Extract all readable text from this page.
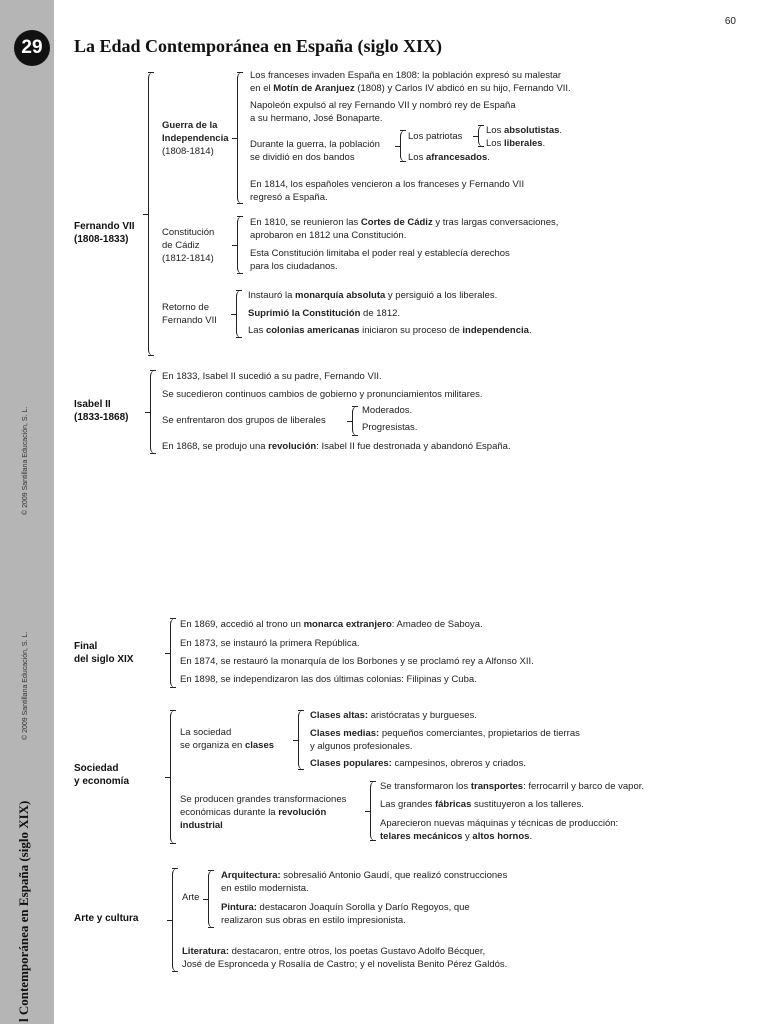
29
© 2009 Santillana Educación, S. L.
© 2009 Santillana Educación, S. L.
l Contemporánea en España (siglo XIX)
60
La Edad Contemporánea en España (siglo XIX)
Fernando VII
(1808-1833)
Guerra de la
Independencia
(1808-1814)
Los franceses invaden España en 1808: la población expresó su malestar
en el Motín de Aranjuez (1808) y Carlos IV abdicó en su hijo, Fernando VII.
Napoleón expulsó al rey Fernando VII y nombró rey de España
a su hermano, José Bonaparte.
Durante la guerra, la población
se dividió en dos bandos
Los patriotas
Los absolutistas.
Los liberales.
Los afrancesados.
En 1814, los españoles vencieron a los franceses y Fernando VII
regresó a España.
Constitución
de Cádiz
(1812-1814)
En 1810, se reunieron las Cortes de Cádiz y tras largas conversaciones,
aprobaron en 1812 una Constitución.
Esta Constitución limitaba el poder real y establecía derechos
para los ciudadanos.
Retorno de
Fernando VII
Instauró la monarquía absoluta y persiguió a los liberales.
Suprimió la Constitución de 1812.
Las colonias americanas iniciaron su proceso de independencia.
Isabel II
(1833-1868)
En 1833, Isabel II sucedió a su padre, Fernando VII.
Se sucedieron continuos cambios de gobierno y pronunciamientos militares.
Se enfrentaron dos grupos de liberales
Moderados.
Progresistas.
En 1868, se produjo una revolución: Isabel II fue destronada y abandonó España.
Final
del siglo XIX
En 1869, accedió al trono un monarca extranjero: Amadeo de Saboya.
En 1873, se instauró la primera República.
En 1874, se restauró la monarquía de los Borbones y se proclamó rey a Alfonso XII.
En 1898, se independizaron las dos últimas colonias: Filipinas y Cuba.
Sociedad
y economía
La sociedad
se organiza en clases
Clases altas: aristócratas y burgueses.
Clases medias: pequeños comerciantes, propietarios de tierras
y algunos profesionales.
Clases populares: campesinos, obreros y criados.
Se producen grandes transformaciones
económicas durante la revolución
industrial
Se transformaron los transportes: ferrocarril y barco de vapor.
Las grandes fábricas sustituyeron a los talleres.
Aparecieron nuevas máquinas y técnicas de producción:
telares mecánicos y altos hornos.
Arte y cultura
Arte
Arquitectura: sobresalió Antonio Gaudí, que realizó construcciones
en estilo modernista.
Pintura: destacaron Joaquín Sorolla y Darío Regoyos, que
realizaron sus obras en estilo impresionista.
Literatura: destacaron, entre otros, los poetas Gustavo Adolfo Bécquer,
José de Espronceda y Rosalía de Castro; y el novelista Benito Pérez Galdós.
